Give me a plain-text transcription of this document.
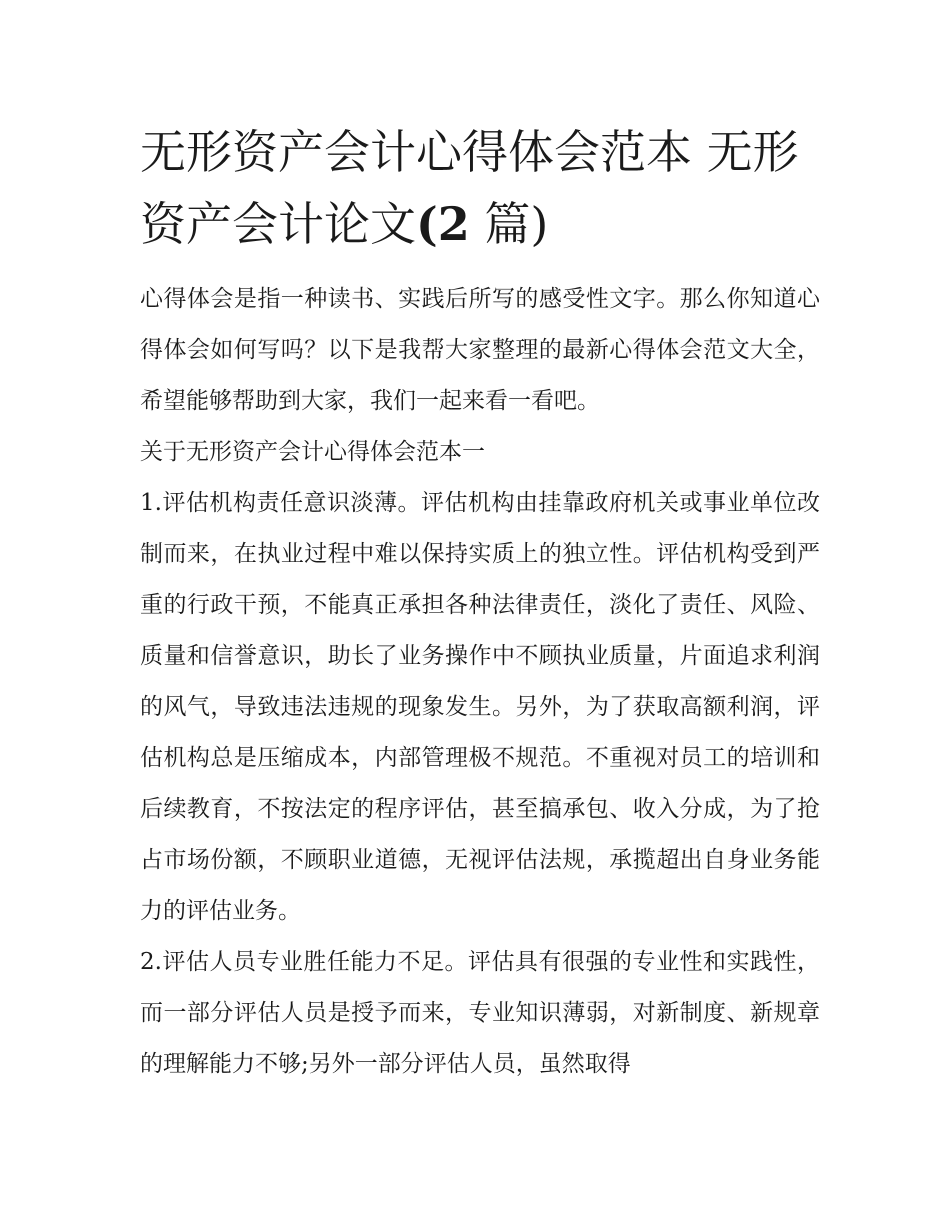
无形资产会计心得体会范本 无形资产会计论文(2 篇)

心得体会是指一种读书、实践后所写的感受性文字。那么你知道心得体会如何写吗？以下是我帮大家整理的最新心得体会范文大全，希望能够帮助到大家，我们一起来看一看吧。

关于无形资产会计心得体会范本一

1.评估机构责任意识淡薄。评估机构由挂靠政府机关或事业单位改制而来，在执业过程中难以保持实质上的独立性。评估机构受到严重的行政干预，不能真正承担各种法律责任，淡化了责任、风险、质量和信誉意识，助长了业务操作中不顾执业质量，片面追求利润的风气，导致违法违规的现象发生。另外，为了获取高额利润，评估机构总是压缩成本，内部管理极不规范。不重视对员工的培训和后续教育，不按法定的程序评估，甚至搞承包、收入分成，为了抢占市场份额，不顾职业道德，无视评估法规，承揽超出自身业务能力的评估业务。

2.评估人员专业胜任能力不足。评估具有很强的专业性和实践性，而一部分评估人员是授予而来，专业知识薄弱，对新制度、新规章的理解能力不够;另外一部分评估人员，虽然取得
